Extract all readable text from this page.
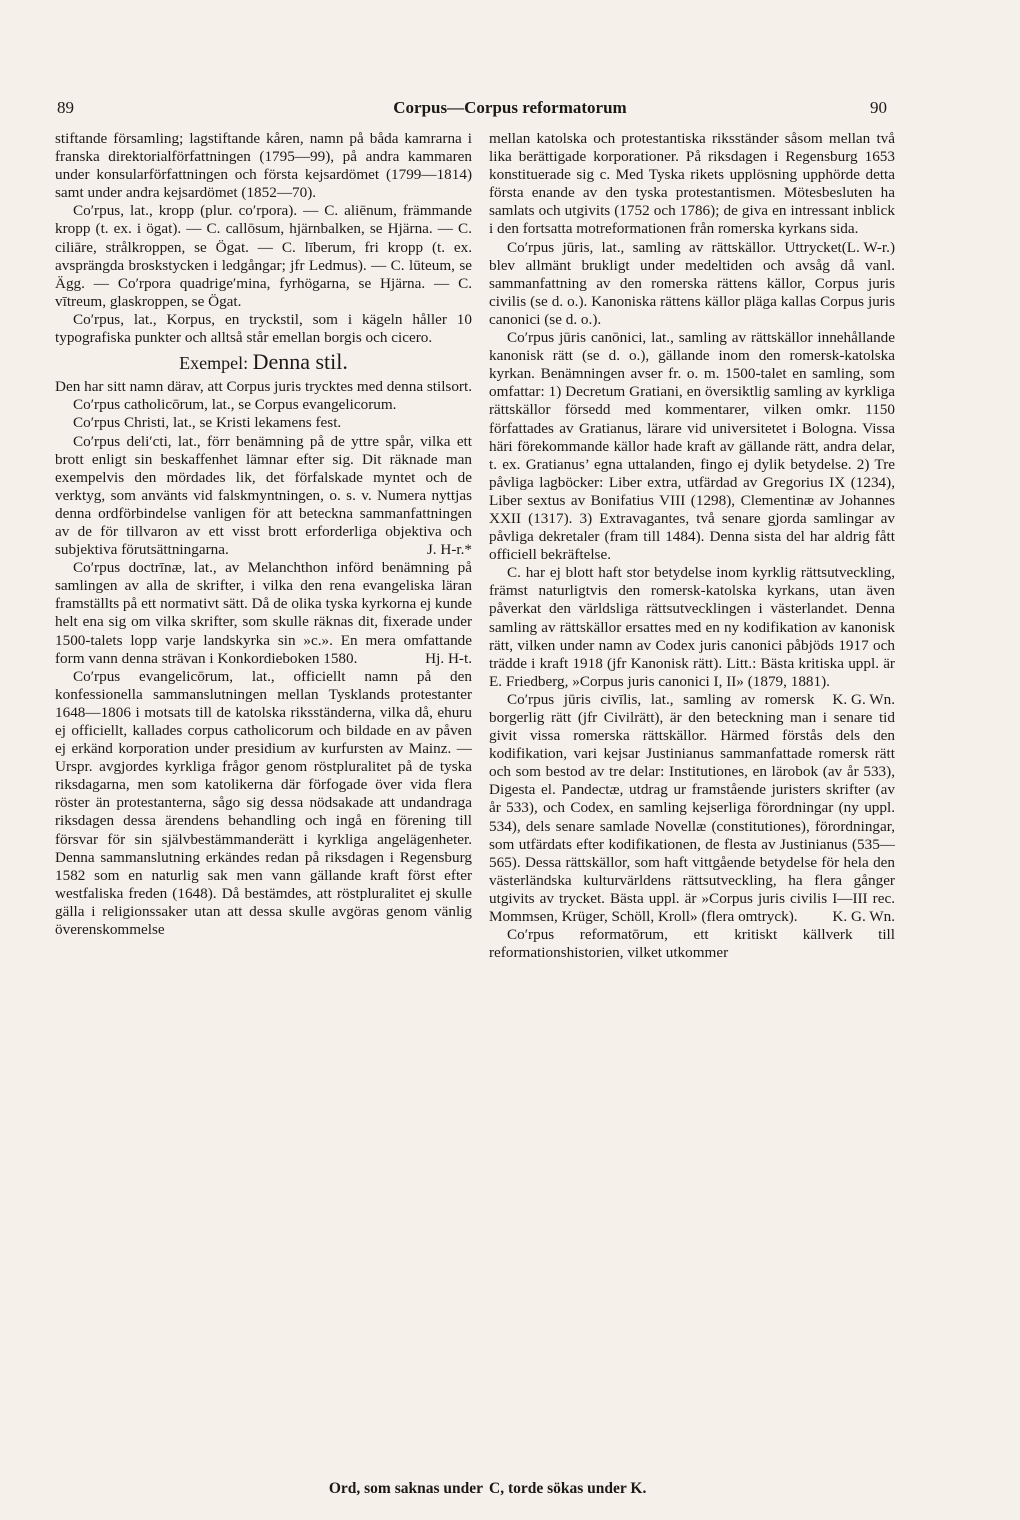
89	Corpus—Corpus reformatorum	90

stiftande församling; lagstiftande kåren, namn på båda kamrarna i franska direktorialförfattningen (1795—99), på andra kammaren under konsularförfattningen och första kejsardömet (1799—1814) samt under andra kejsardömet (1852—70).

Co′rpus, lat., kropp (plur. co′rpora). — C. aliēnum, främmande kropp (t. ex. i ögat). — C. callōsum, hjärnbalken, se Hjärna. — C. ciliāre, strålkroppen, se Ögat. — C. līberum, fri kropp (t. ex. avsprängda broskstycken i ledgångar; jfr Ledmus). — C. lūteum, se Ägg. — Co′rpora quadrige′mina, fyrhögarna, se Hjärna. — C. vītreum, glaskroppen, se Ögat.

Co′rpus, lat., Korpus, en tryckstil, som i kägeln håller 10 typografiska punkter och alltså står emellan borgis och cicero.

Exempel: Denna stil.

Den har sitt namn därav, att Corpus juris trycktes med denna stilsort.

Co′rpus catholicōrum, lat., se Corpus evangelicorum.

Co′rpus Christi, lat., se Kristi lekamens fest.

Co′rpus deli′cti, lat., förr benämning på de yttre spår, vilka ett brott enligt sin beskaffenhet lämnar efter sig. Dit räknade man exempelvis den mördades lik, det förfalskade myntet och de verktyg, som använts vid falskmyntningen, o. s. v. Numera nyttjas denna ordförbindelse vanligen för att beteckna sammanfattningen av de för tillvaron av ett visst brott erforderliga objektiva och subjektiva förutsättningarna.	J. H-r.*

Co′rpus doctrīnæ, lat., av Melanchthon införd benämning på samlingen av alla de skrifter, i vilka den rena evangeliska läran framställts på ett normativt sätt. Då de olika tyska kyrkorna ej kunde helt ena sig om vilka skrifter, som skulle räknas dit, fixerade under 1500-talets lopp varje landskyrka sin »c.». En mera omfattande form vann denna strävan i Konkordieboken 1580.	Hj. H-t.

Co′rpus evangelicōrum, lat., officiellt namn på den konfessionella sammanslutningen mellan Tysklands protestanter 1648—1806 i motsats till de katolska riksständerna, vilka då, ehuru ej officiellt, kallades corpus catholicorum och bildade en av påven ej erkänd korporation under presidium av kurfursten av Mainz. — Urspr. avgjordes kyrkliga frågor genom röstpluralitet på de tyska riksdagarna, men som katolikerna där förfogade över vida flera röster än protestanterna, sågo sig dessa nödsakade att undandraga riksdagen dessa ärendens behandling och ingå en förening till försvar för sin självbestämmanderätt i kyrkliga angelägenheter. Denna sammanslutning erkändes redan på riksdagen i Regensburg 1582 som en naturlig sak men vann gällande kraft först efter westfaliska freden (1648). Då bestämdes, att röstpluralitet ej skulle gälla i religionssaker utan att dessa skulle avgöras genom vänlig överenskommelse

mellan katolska och protestantiska riksständer såsom mellan två lika berättigade korporationer. På riksdagen i Regensburg 1653 konstituerade sig c. Med Tyska rikets upplösning upphörde detta första enande av den tyska protestantismen. Mötesbesluten ha samlats och utgivits (1752 och 1786); de giva en intressant inblick i den fortsatta motreformationen från romerska kyrkans sida.
(L. W-r.)

Co′rpus jūris, lat., samling av rättskällor. Uttrycket blev allmänt brukligt under medeltiden och avsåg då vanl. sammanfattning av den romerska rättens källor, Corpus juris civilis (se d. o.). Kanoniska rättens källor pläga kallas Corpus juris canonici (se d. o.).

Co′rpus jūris canōnici, lat., samling av rättskällor innehållande kanonisk rätt (se d. o.), gällande inom den romersk-katolska kyrkan. Benämningen avser fr. o. m. 1500-talet en samling, som omfattar: 1) Decretum Gratiani, en översiktlig samling av kyrkliga rättskällor försedd med kommentarer, vilken omkr. 1150 författades av Gratianus, lärare vid universitetet i Bologna. Vissa häri förekommande källor hade kraft av gällande rätt, andra delar, t. ex. Gratianus’ egna uttalanden, fingo ej dylik betydelse. 2) Tre påvliga lagböcker: Liber extra, utfärdad av Gregorius IX (1234), Liber sextus av Bonifatius VIII (1298), Clementinæ av Johannes XXII (1317). 3) Extravagantes, två senare gjorda samlingar av påvliga dekretaler (fram till 1484). Denna sista del har aldrig fått officiell bekräftelse.

C. har ej blott haft stor betydelse inom kyrklig rättsutveckling, främst naturligtvis den romersk-katolska kyrkans, utan även påverkat den världsliga rättsutvecklingen i västerlandet. Denna samling av rättskällor ersattes med en ny kodifikation av kanonisk rätt, vilken under namn av Codex juris canonici påbjöds 1917 och trädde i kraft 1918 (jfr Kanonisk rätt). Litt.: Bästa kritiska uppl. är E. Friedberg, »Corpus juris canonici I, II» (1879, 1881).
K. G. Wn.

Co′rpus jūris civīlis, lat., samling av romersk borgerlig rätt (jfr Civilrätt), är den beteckning man i senare tid givit vissa romerska rättskällor. Härmed förstås dels den kodifikation, vari kejsar Justinianus sammanfattade romersk rätt och som bestod av tre delar: Institutiones, en lärobok (av år 533), Digesta el. Pandectæ, utdrag ur framstående juristers skrifter (av år 533), och Codex, en samling kejserliga förordningar (ny uppl. 534), dels senare samlade Novellæ (constitutiones), förordningar, som utfärdats efter kodifikationen, de flesta av Justinianus (535—565). Dessa rättskällor, som haft vittgående betydelse för hela den västerländska kulturvärldens rättsutveckling, ha flera gånger utgivits av trycket. Bästa uppl. är »Corpus juris civilis I—III rec. Mommsen, Krüger, Schöll, Kroll» (flera omtryck).	K. G. Wn.

Co′rpus reformatōrum, ett kritiskt källverk till reformationshistorien, vilket utkommer

Ord, som saknas under C, torde sökas under K.
